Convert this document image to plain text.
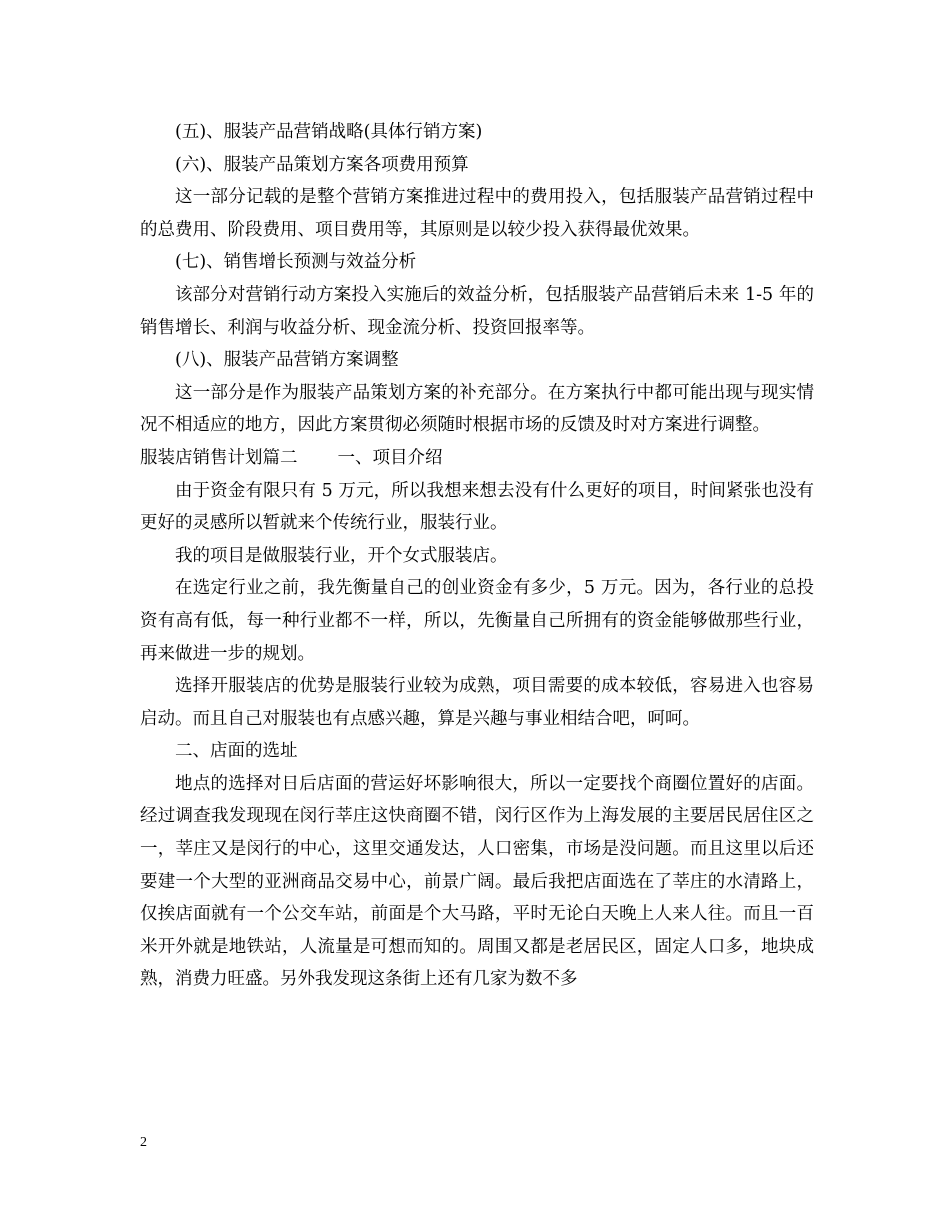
(五)、服装产品营销战略(具体行销方案)

(六)、服装产品策划方案各项费用预算

这一部分记载的是整个营销方案推进过程中的费用投入，包括服装产品营销过程中的总费用、阶段费用、项目费用等，其原则是以较少投入获得最优效果。

(七)、销售增长预测与效益分析

该部分对营销行动方案投入实施后的效益分析，包括服装产品营销后未来 1-5 年的销售增长、利润与收益分析、现金流分析、投资回报率等。

(八)、服装产品营销方案调整

这一部分是作为服装产品策划方案的补充部分。在方案执行中都可能出现与现实情况不相适应的地方，因此方案贯彻必须随时根据市场的反馈及时对方案进行调整。

服装店销售计划篇二 一、项目介绍

由于资金有限只有 5 万元，所以我想来想去没有什么更好的项目，时间紧张也没有更好的灵感所以暂就来个传统行业，服装行业。

我的项目是做服装行业，开个女式服装店。

在选定行业之前，我先衡量自己的创业资金有多少，5 万元。因为，各行业的总投资有高有低，每一种行业都不一样，所以，先衡量自己所拥有的资金能够做那些行业，再来做进一步的规划。

选择开服装店的优势是服装行业较为成熟，项目需要的成本较低，容易进入也容易启动。而且自己对服装也有点感兴趣，算是兴趣与事业相结合吧，呵呵。

二、店面的选址

地点的选择对日后店面的营运好坏影响很大，所以一定要找个商圈位置好的店面。经过调查我发现现在闵行莘庄这快商圈不错，闵行区作为上海发展的主要居民居住区之一，莘庄又是闵行的中心，这里交通发达，人口密集，市场是没问题。而且这里以后还要建一个大型的亚洲商品交易中心，前景广阔。最后我把店面选在了莘庄的水清路上，仅挨店面就有一个公交车站，前面是个大马路，平时无论白天晚上人来人往。而且一百米开外就是地铁站，人流量是可想而知的。周围又都是老居民区，固定人口多，地块成熟，消费力旺盛。另外我发现这条街上还有几家为数不多

2
